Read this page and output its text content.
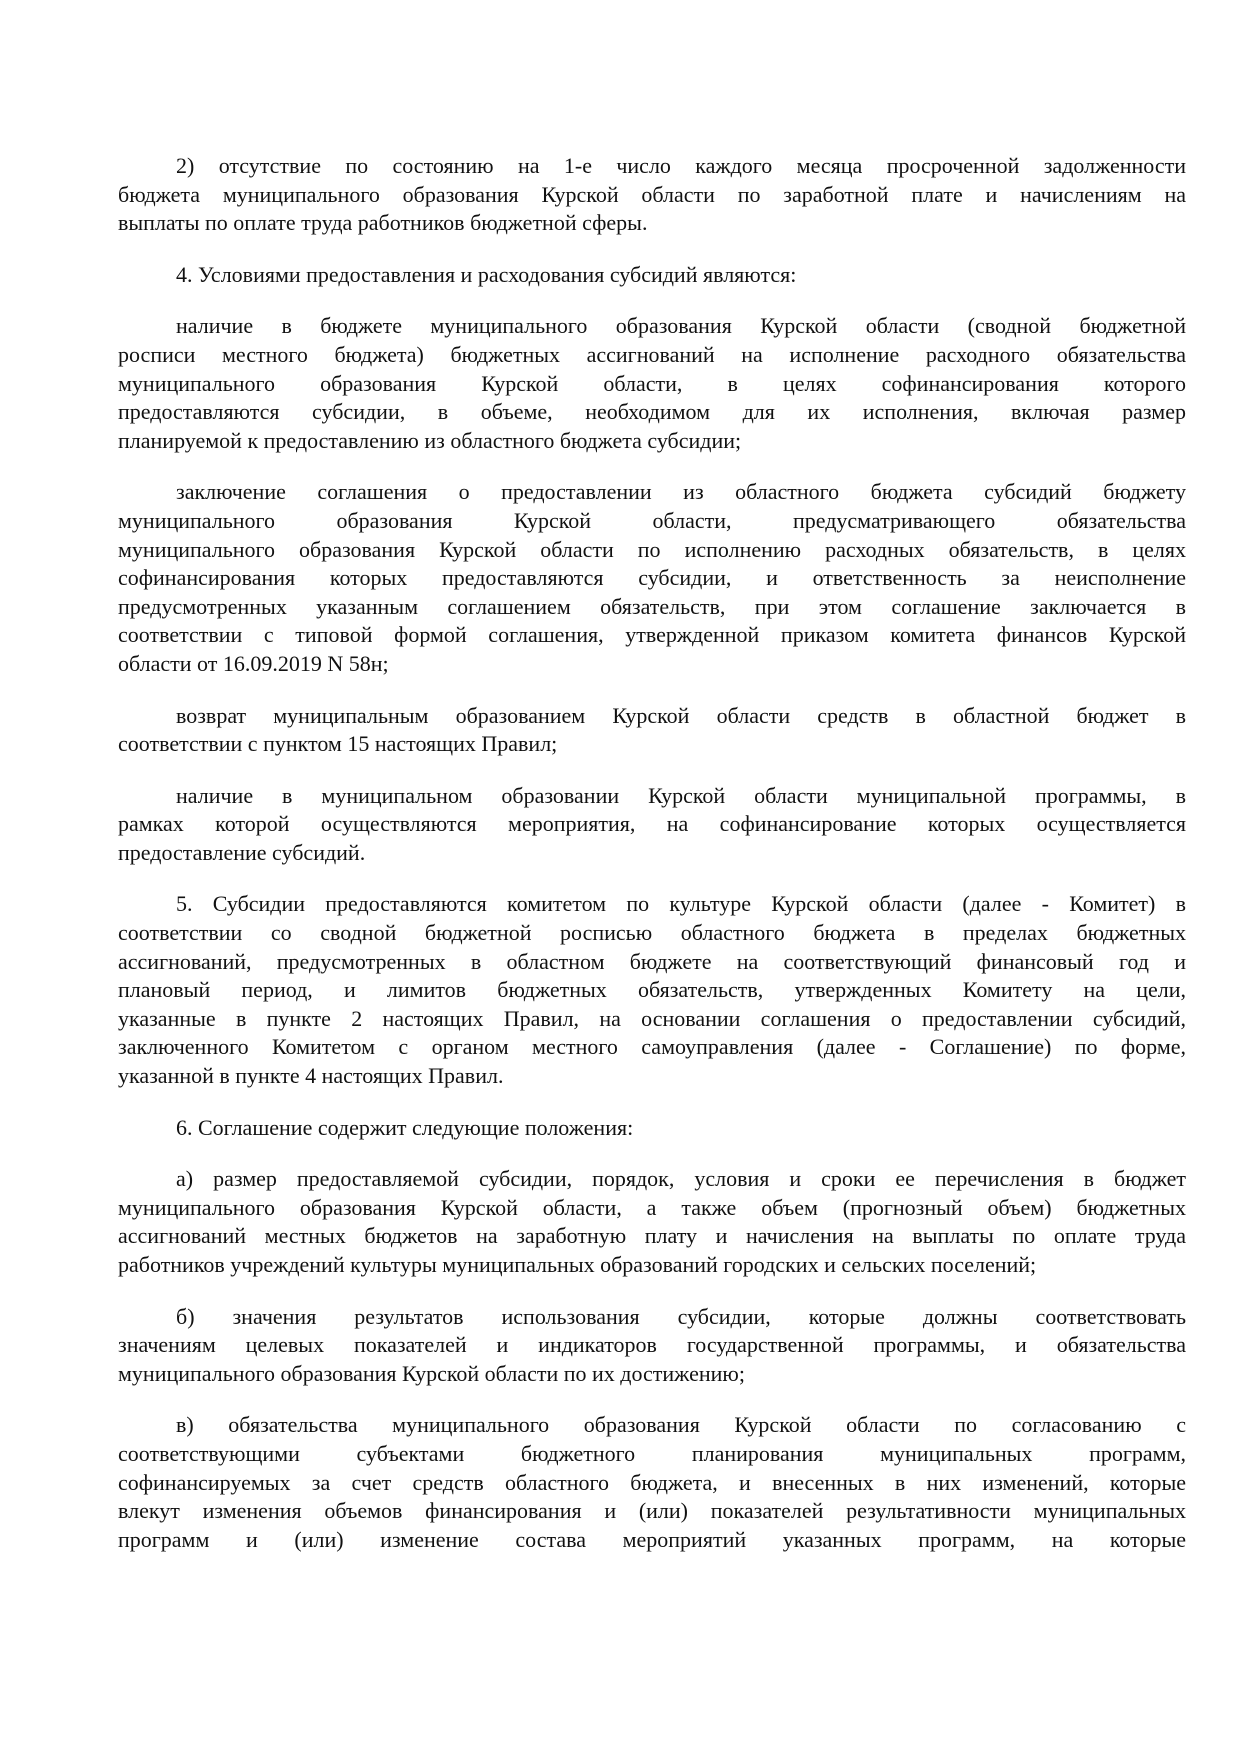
2) отсутствие по состоянию на 1-е число каждого месяца просроченной задолженности
бюджета муниципального образования Курской области по заработной плате и начислениям на
выплаты по оплате труда работников бюджетной сферы.
4. Условиями предоставления и расходования субсидий являются:
наличие в бюджете муниципального образования Курской области (сводной бюджетной
росписи местного бюджета) бюджетных ассигнований на исполнение расходного обязательства
муниципального образования Курской области, в целях софинансирования которого
предоставляются субсидии, в объеме, необходимом для их исполнения, включая размер
планируемой к предоставлению из областного бюджета субсидии;
заключение соглашения о предоставлении из областного бюджета субсидий бюджету
муниципального образования Курской области, предусматривающего обязательства
муниципального образования Курской области по исполнению расходных обязательств, в целях
софинансирования которых предоставляются субсидии, и ответственность за неисполнение
предусмотренных указанным соглашением обязательств, при этом соглашение заключается в
соответствии с типовой формой соглашения, утвержденной приказом комитета финансов Курской
области от 16.09.2019 N 58н;
возврат муниципальным образованием Курской области средств в областной бюджет в
соответствии с пунктом 15 настоящих Правил;
наличие в муниципальном образовании Курской области муниципальной программы, в
рамках которой осуществляются мероприятия, на софинансирование которых осуществляется
предоставление субсидий.
5. Субсидии предоставляются комитетом по культуре Курской области (далее - Комитет) в
соответствии со сводной бюджетной росписью областного бюджета в пределах бюджетных
ассигнований, предусмотренных в областном бюджете на соответствующий финансовый год и
плановый период, и лимитов бюджетных обязательств, утвержденных Комитету на цели,
указанные в пункте 2 настоящих Правил, на основании соглашения о предоставлении субсидий,
заключенного Комитетом с органом местного самоуправления (далее - Соглашение) по форме,
указанной в пункте 4 настоящих Правил.
6. Соглашение содержит следующие положения:
а) размер предоставляемой субсидии, порядок, условия и сроки ее перечисления в бюджет
муниципального образования Курской области, а также объем (прогнозный объем) бюджетных
ассигнований местных бюджетов на заработную плату и начисления на выплаты по оплате труда
работников учреждений культуры муниципальных образований городских и сельских поселений;
б) значения результатов использования субсидии, которые должны соответствовать
значениям целевых показателей и индикаторов государственной программы, и обязательства
муниципального образования Курской области по их достижению;
в) обязательства муниципального образования Курской области по согласованию с
соответствующими субъектами бюджетного планирования муниципальных программ,
софинансируемых за счет средств областного бюджета, и внесенных в них изменений, которые
влекут изменения объемов финансирования и (или) показателей результативности муниципальных
программ и (или) изменение состава мероприятий указанных программ, на которые
